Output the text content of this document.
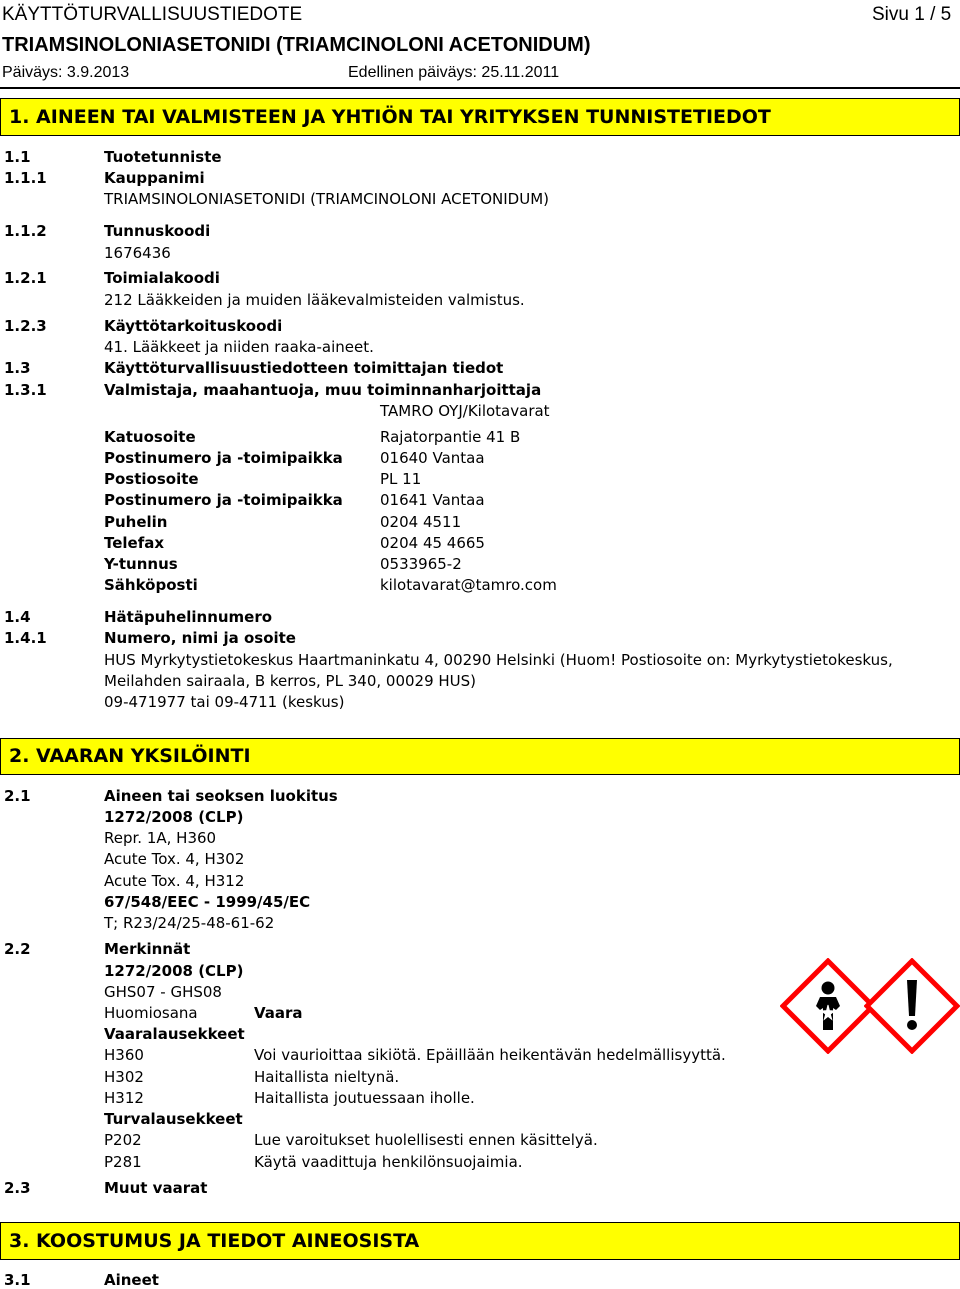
KÄYTTÖTURVALLISUUSTIEDOTE	Sivu 1 / 5
TRIAMSINOLONIASETONIDI (TRIAMCINOLONI ACETONIDUM)
Päiväys: 3.9.2013	Edellinen päiväys: 25.11.2011
1. AINEEN TAI VALMISTEEN JA YHTIÖN TAI YRITYKSEN TUNNISTETIEDOT
1.1	Tuotetunniste
1.1.1	Kauppanimi
TRIAMSINOLONIASETONIDI (TRIAMCINOLONI ACETONIDUM)
1.1.2	Tunnuskoodi
1676436
1.2.1	Toimialakoodi
212 Lääkkeiden ja muiden lääkevalmisteiden valmistus.
1.2.3	Käyttötarkoituskoodi
41. Lääkkeet ja niiden raaka-aineet.
1.3	Käyttöturvallisuustiedotteen toimittajan tiedot
1.3.1	Valmistaja, maahantuoja, muu toiminnanharjoittaja
TAMRO OYJ/Kilotavarat
Katuosoite	Rajatorpantie 41 B
Postinumero ja -toimipaikka 01640 Vantaa
Postiosoite	PL 11
Postinumero ja -toimipaikka 01641 Vantaa
Puhelin	0204 4511
Telefax	0204 45 4665
Y-tunnus	0533965-2
Sähköposti	kilotavarat@tamro.com
1.4	Hätäpuhelinnumero
1.4.1	Numero, nimi ja osoite
HUS Myrkytystietokeskus Haartmaninkatu 4, 00290 Helsinki (Huom! Postiosoite on: Myrkytystietokeskus,
Meilahden sairaala, B kerros, PL 340, 00029 HUS)
09-471977 tai 09-4711 (keskus)
2. VAARAN YKSILÖINTI
2.1	Aineen tai seoksen luokitus
1272/2008 (CLP)
Repr. 1A, H360
Acute Tox. 4, H302
Acute Tox. 4, H312
67/548/EEC - 1999/45/EC
T; R23/24/25-48-61-62
2.2	Merkinnät
1272/2008 (CLP)
GHS07 - GHS08
Huomiosana	Vaara
Vaaralausekkeet
H360	Voi vaurioittaa sikiötä. Epäillään heikentävän hedelmällisyyttä.
H302	Haitallista nieltynä.
H312	Haitallista joutuessaan iholle.
Turvalausekkeet
P202	Lue varoitukset huolellisesti ennen käsittelyä.
P281	Käytä vaadittuja henkilönsuojaimia.
2.3	Muut vaarat
3. KOOSTUMUS JA TIEDOT AINEOSISTA
3.1	Aineet
